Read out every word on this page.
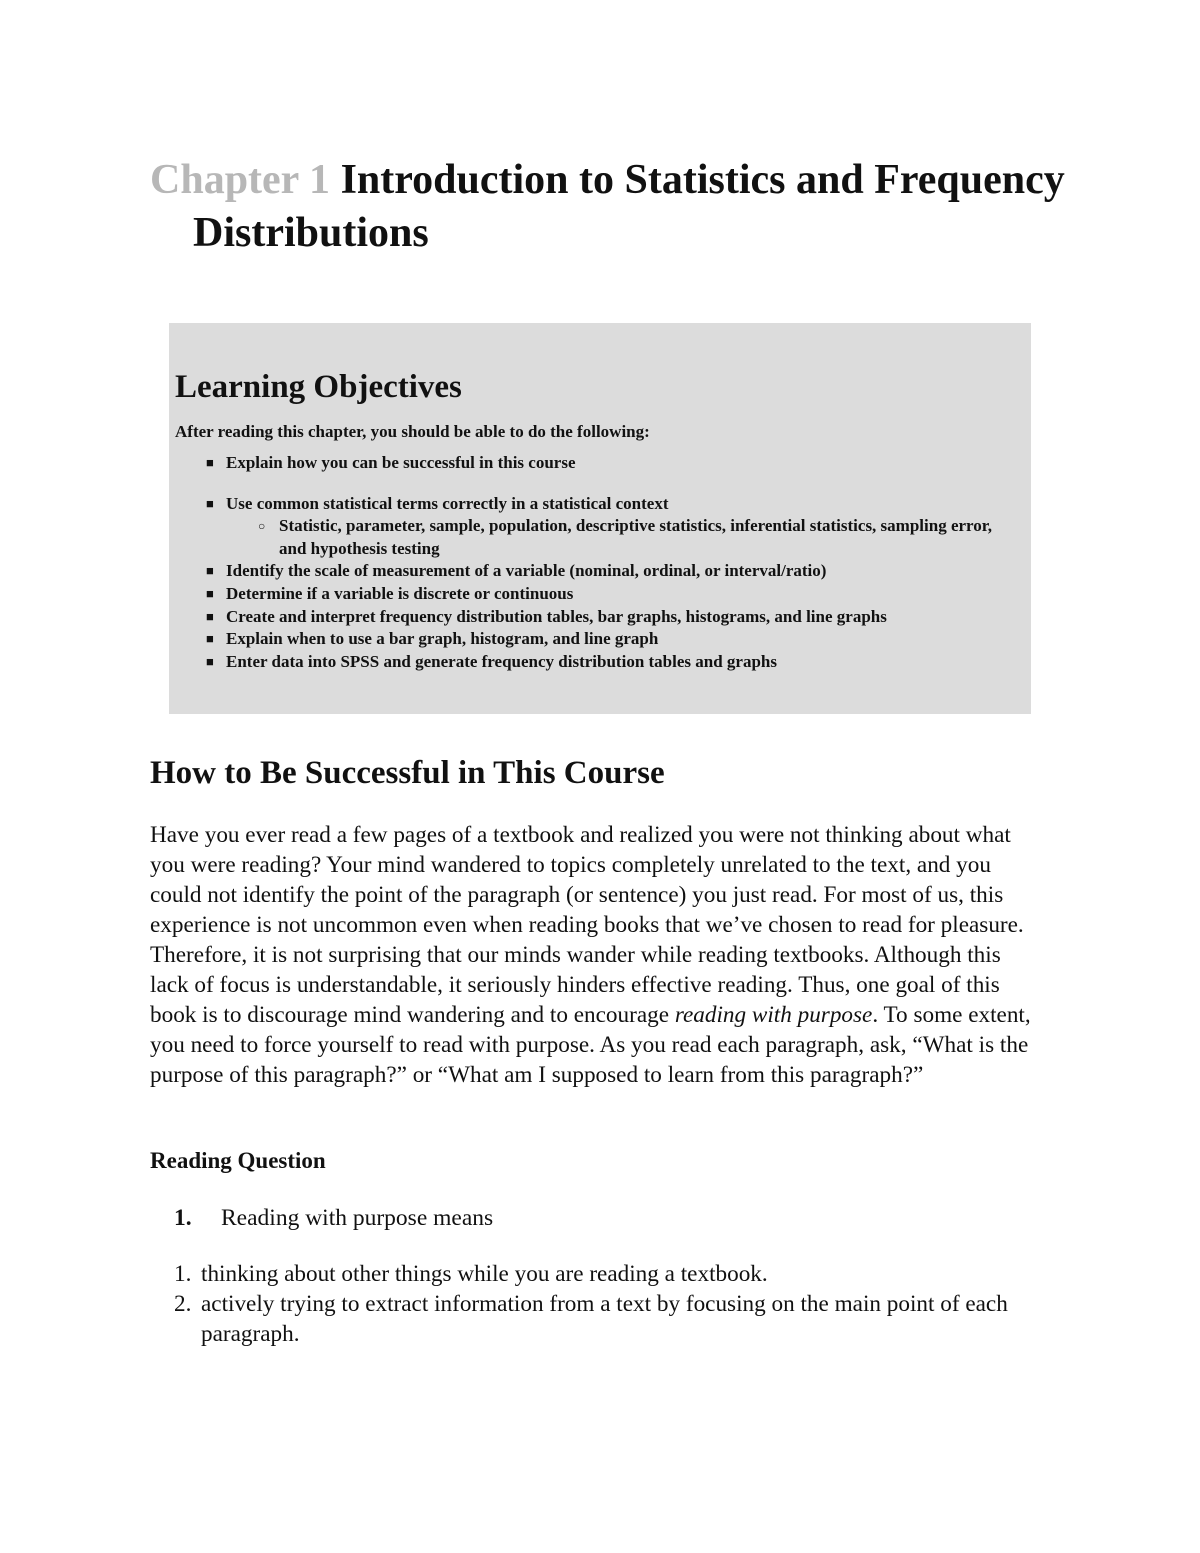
Chapter 1 Introduction to Statistics and Frequency Distributions
Learning Objectives

After reading this chapter, you should be able to do the following:

■ Explain how you can be successful in this course
■ Use common statistical terms correctly in a statistical context
○ Statistic, parameter, sample, population, descriptive statistics, inferential statistics, sampling error, and hypothesis testing
■ Identify the scale of measurement of a variable (nominal, ordinal, or interval/ratio)
■ Determine if a variable is discrete or continuous
■ Create and interpret frequency distribution tables, bar graphs, histograms, and line graphs
■ Explain when to use a bar graph, histogram, and line graph
■ Enter data into SPSS and generate frequency distribution tables and graphs
How to Be Successful in This Course

Have you ever read a few pages of a textbook and realized you were not thinking about what you were reading? Your mind wandered to topics completely unrelated to the text, and you could not identify the point of the paragraph (or sentence) you just read. For most of us, this experience is not uncommon even when reading books that we’ve chosen to read for pleasure. Therefore, it is not surprising that our minds wander while reading textbooks. Although this lack of focus is understandable, it seriously hinders effective reading. Thus, one goal of this book is to discourage mind wandering and to encourage reading with purpose. To some extent, you need to force yourself to read with purpose. As you read each paragraph, ask, “What is the purpose of this paragraph?” or “What am I supposed to learn from this paragraph?”

Reading Question

1. Reading with purpose means

1. thinking about other things while you are reading a textbook.
2. actively trying to extract information from a text by focusing on the main point of each paragraph.
